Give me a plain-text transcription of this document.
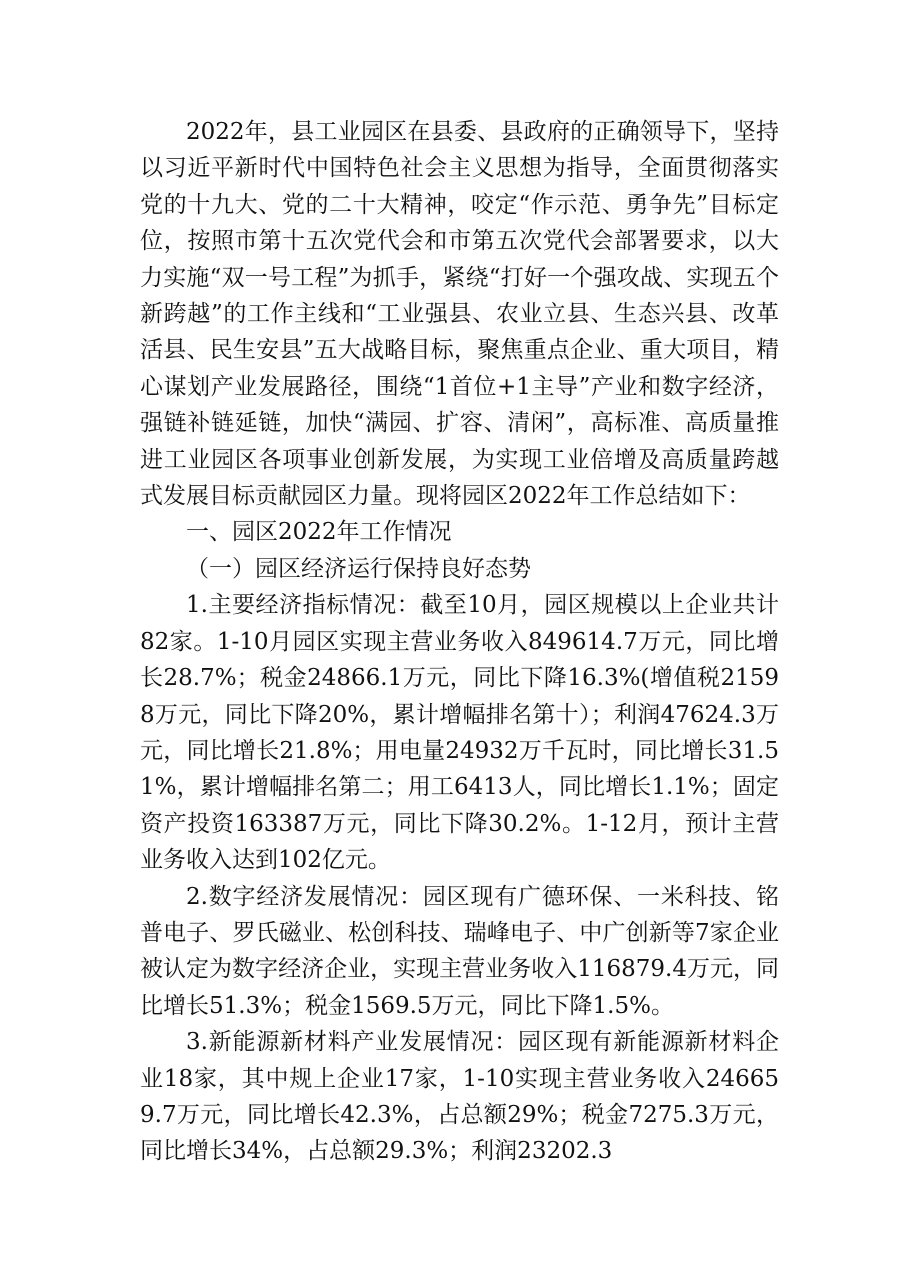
2022年，县工业园区在县委、县政府的正确领导下，坚持以习近平新时代中国特色社会主义思想为指导，全面贯彻落实党的十九大、党的二十大精神，咬定“作示范、勇争先”目标定位，按照市第十五次党代会和市第五次党代会部署要求，以大力实施“双一号工程”为抓手，紧绕“打好一个强攻战、实现五个新跨越”的工作主线和“工业强县、农业立县、生态兴县、改革活县、民生安县”五大战略目标，聚焦重点企业、重大项目，精心谋划产业发展路径，围绕“1首位+1主导”产业和数字经济，强链补链延链，加快“满园、扩容、清闲”，高标准、高质量推进工业园区各项事业创新发展，为实现工业倍增及高质量跨越式发展目标贡献园区力量。现将园区2022年工作总结如下：

一、园区2022年工作情况

（一）园区经济运行保持良好态势

1.主要经济指标情况：截至10月，园区规模以上企业共计82家。1-10月园区实现主营业务收入849614.7万元，同比增长28.7%；税金24866.1万元，同比下降16.3%(增值税21598万元，同比下降20%，累计增幅排名第十）；利润47624.3万元，同比增长21.8%；用电量24932万千瓦时，同比增长31.51%，累计增幅排名第二；用工6413人，同比增长1.1%；固定资产投资163387万元，同比下降30.2%。1-12月，预计主营业务收入达到102亿元。

2.数字经济发展情况：园区现有广德环保、一米科技、铭普电子、罗氏磁业、松创科技、瑞峰电子、中广创新等7家企业被认定为数字经济企业，实现主营业务收入116879.4万元，同比增长51.3%；税金1569.5万元，同比下降1.5%。

3.新能源新材料产业发展情况：园区现有新能源新材料企业18家，其中规上企业17家，1-10实现主营业务收入246659.7万元，同比增长42.3%，占总额29%；税金7275.3万元，同比增长34%，占总额29.3%；利润23202.3
